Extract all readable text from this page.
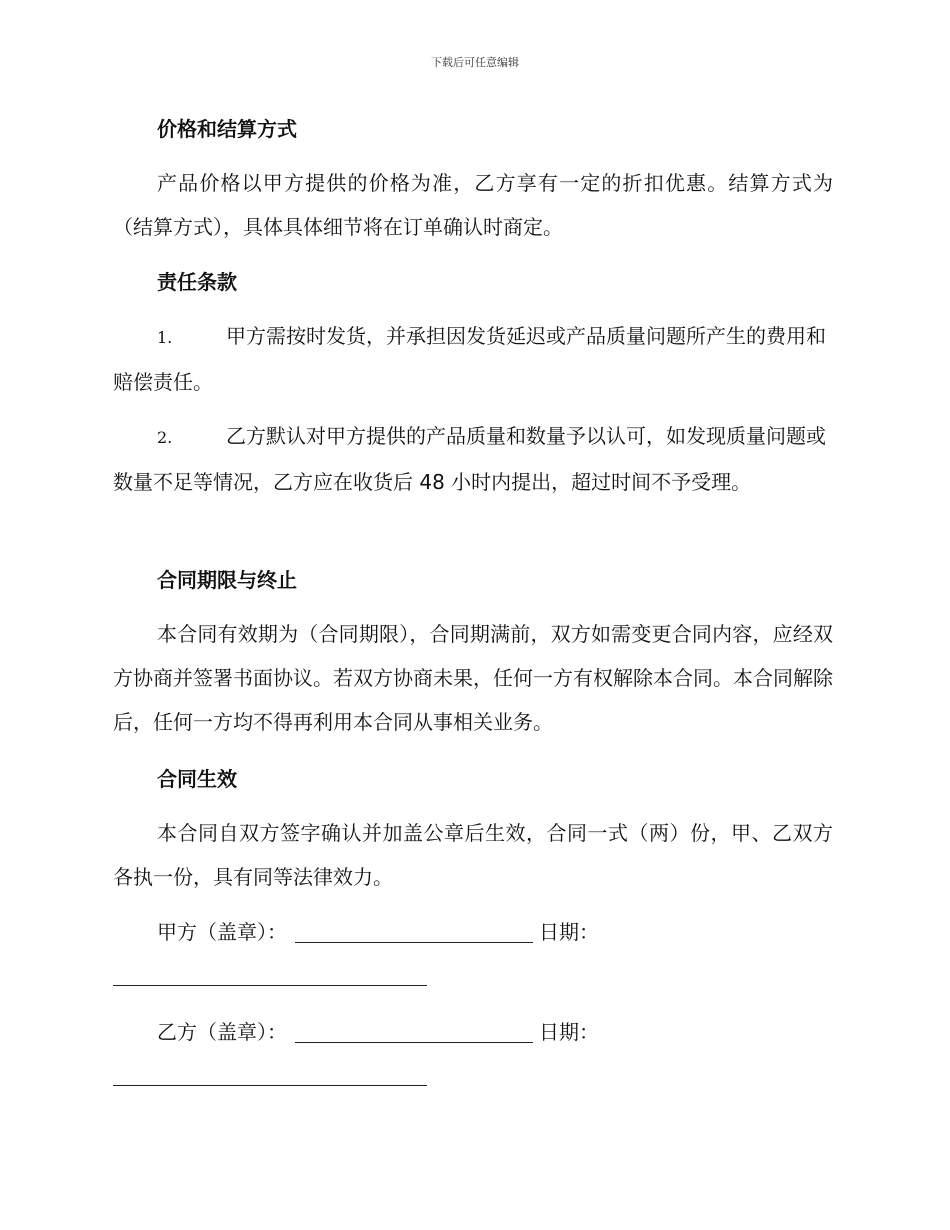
下载后可任意编辑
价格和结算方式
产品价格以甲方提供的价格为准，乙方享有一定的折扣优惠。结算方式为（结算方式），具体具体细节将在订单确认时商定。
责任条款
1.	甲方需按时发货，并承担因发货延迟或产品质量问题所产生的费用和赔偿责任。
2.	乙方默认对甲方提供的产品质量和数量予以认可，如发现质量问题或数量不足等情况，乙方应在收货后 48 小时内提出，超过时间不予受理。
合同期限与终止
本合同有效期为（合同期限），合同期满前，双方如需变更合同内容，应经双方协商并签署书面协议。若双方协商未果，任何一方有权解除本合同。本合同解除后，任何一方均不得再利用本合同从事相关业务。
合同生效
本合同自双方签字确认并加盖公章后生效，合同一式（两）份，甲、乙双方各执一份，具有同等法律效力。
甲方（盖章）：	日期：
乙方（盖章）：	日期：
